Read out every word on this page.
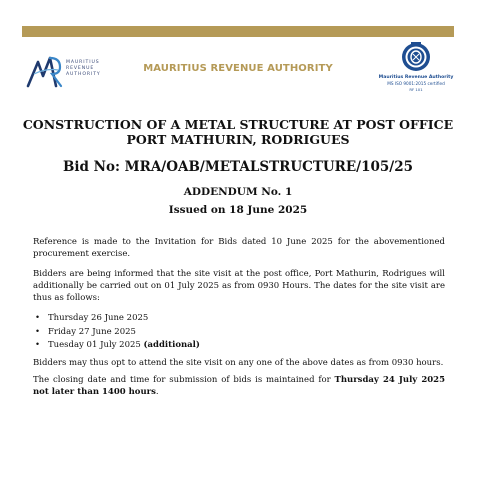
MAURITIUS
REVENUE
AUTHORITY
MAURITIUS REVENUE AUTHORITY
Mauritius Revenue Authority
MS ISO 9001:2015 certified
RF 101
CONSTRUCTION OF A METAL STRUCTURE AT POST OFFICE
PORT MATHURIN, RODRIGUES
Bid No: MRA/OAB/METALSTRUCTURE/105/25
ADDENDUM No. 1
Issued on 18 June 2025
Reference is made to the Invitation for Bids dated 10 June 2025 for the abovementioned procurement exercise.
Bidders are being informed that the site visit at the post office, Port Mathurin, Rodrigues will additionally be carried out on 01 July 2025 as from 0930 Hours. The dates for the site visit are thus as follows:
• Thursday 26 June 2025
• Friday 27 June 2025
• Tuesday 01 July 2025 (additional)
Bidders may thus opt to attend the site visit on any one of the above dates as from 0930 hours.
The closing date and time for submission of bids is maintained for Thursday 24 July 2025 not later than 1400 hours.
